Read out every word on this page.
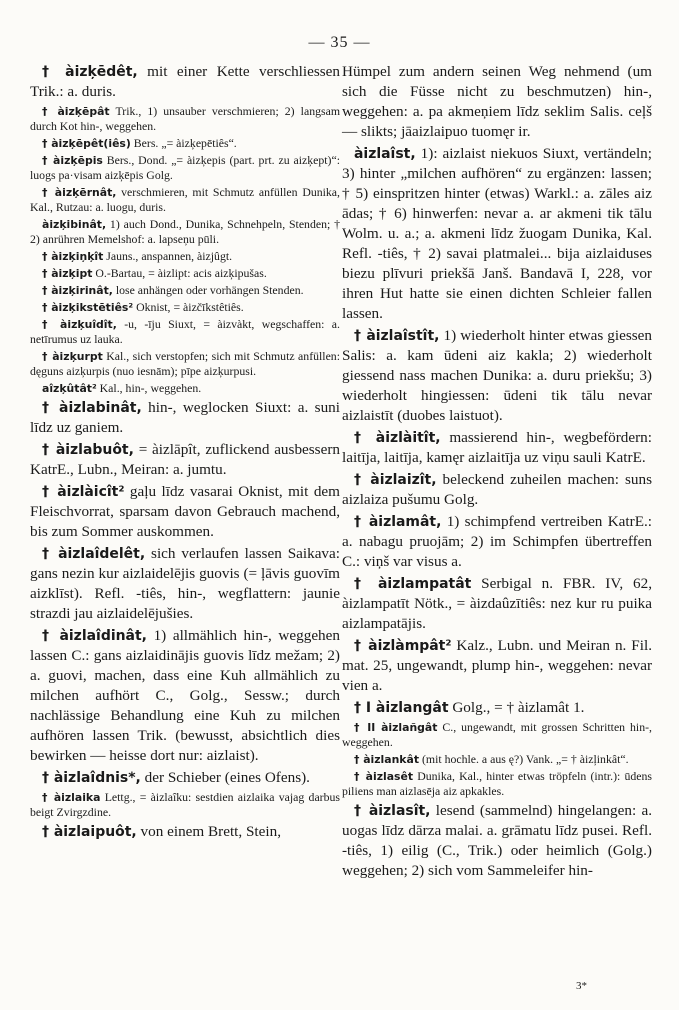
— 35 —

† àizķēdêt, mit einer Kette verschliessen Trik.: a. duris.

† àizķēpât Trik., 1) unsauber verschmieren; 2) langsam durch Kot hin-, weggehen.

† àizķēpêt(iês) Bers. „= àizķepētiês“.

† àizķēpis Bers., Dond. „= àizķepis (part. prt. zu aizķept)“: luogs pa·visam aizķēpis Golg.

† àizķērnât, verschmieren, mit Schmutz anfüllen Dunika, Kal., Rutzau: a. luogu, duris.

àizķibinât, 1) auch Dond., Dunika, Schnehpeln, Stenden; † 2) anrühren Memelshof: a. lapseņu pūli.

† àizķiņķît Jauns., anspannen, àizjûgt.

† àizķipt O.-Bartau, = àizlipt: acis aizķipušas.

† àizķirinât, lose anhängen oder vorhängen Stenden.

† àizķikstētiês² Oknist, = àizčīkstêtiês.

† àizķuîdît, -u, -īju Siuxt, = àizvàkt, wegschaffen: a. netīrumus uz lauka.

† àizķurpt Kal., sich verstopfen; sich mit Schmutz anfüllen: dęguns aizķurpis (nuo iesnām); pīpe aizķurpusi.

aîzķûtât² Kal., hin-, weggehen.

† àizlabinât, hin-, weglocken Siuxt: a. suni līdz uz ganiem.

† àizlabuôt, = àizlāpît, zuflickend ausbessern KatrE., Lubn., Meiran: a. jumtu.

† àizlàicît² gaļu līdz vasarai Oknist, mit dem Fleischvorrat, sparsam davon Gebrauch machend, bis zum Sommer auskommen.

† àizlaîdelêt, sich verlaufen lassen Saikava: gans nezin kur aizlaidelējis guovis (= ļāvis guovīm aizklīst). Refl. -tiês, hin-, wegflattern: jaunie strazdi jau aizlaidelējušies.

† àizlaîdinât, 1) allmählich hin-, weggehen lassen C.: gans aizlaidinājis guovis līdz mežam; 2) a. guovi, machen, dass eine Kuh allmählich zu milchen aufhört C., Golg., Sessw.; durch nachlässige Behandlung eine Kuh zu milchen aufhören lassen Trik. (bewusst, absichtlich dies bewirken — heisse dort nur: aizlaist).

† àizlaîdnis*, der Schieber (eines Ofens).

† àizlaika Lettg., = àizlaîku: sestdien aizlaika vajag darbus beigt Zvirgzdine.

† àizlaipuôt, von einem Brett, Stein,

Hümpel zum andern seinen Weg nehmend (um sich die Füsse nicht zu beschmutzen) hin-, weggehen: a. pa akmeņiem līdz seklim Salis. ceļš — slikts; jāaizlaipuo tuomęr ir.

àizlaîst, 1): aizlaist niekuos Siuxt, vertändeln; 3) hinter „milchen aufhören“ zu ergänzen: lassen; † 5) einspritzen hinter (etwas) Warkl.: a. zāles aiz ādas; † 6) hinwerfen: nevar a. ar akmeni tik tālu Wolm. u. a.; a. akmeni līdz žuogam Dunika, Kal. Refl. -tiês, † 2) savai platmalei... bija aizlaiduses biezu plīvuri priekšā Janš. Bandavā I, 228, vor ihren Hut hatte sie einen dichten Schleier fallen lassen.

† àizlaîstît, 1) wiederholt hinter etwas giessen Salis: a. kam ūdeni aiz kakla; 2) wiederholt giessend nass machen Dunika: a. duru priekšu; 3) wiederholt hingiessen: ūdeni tik tālu nevar aizlaistīt (duobes laistuot).

† àizlàitît, massierend hin-, wegbefördern: laitīja, laitīja, kamęr aizlaitīja uz viņu sauli KatrE.

† àizlaizît, beleckend zuheilen machen: suns aizlaiza pušumu Golg.

† àizlamât, 1) schimpfend vertreiben KatrE.: a. nabagu pruojām; 2) im Schimpfen übertreffen C.: viņš var visus a.

† àizlampatât Serbigal n. FBR. IV, 62, àizlampatīt Nötk., = àizdaûzītiês: nez kur ru puika aizlampatājis.

† àizlàmpât² Kalz., Lubn. und Meiran n. Fil. mat. 25, ungewandt, plump hin-, weggehen: nevar vien a.

† I àizlangât Golg., = † àizlamât 1.

† II àizlañgât C., ungewandt, mit grossen Schritten hin-, weggehen.

† àizlankât (mit hochle. a aus ę?) Vank. „= † àizļinkât“.

† àizlasêt Dunika, Kal., hinter etwas tröpfeln (intr.): ūdens piliens man aizlasēja aiz apkakles.

† àizlasît, lesend (sammelnd) hingelangen: a. uogas līdz dārza malai. a. grāmatu līdz pusei. Refl. -tiês, 1) eilig (C., Trik.) oder heimlich (Golg.) weggehen; 2) sich vom Sammeleifer hin-

3*
